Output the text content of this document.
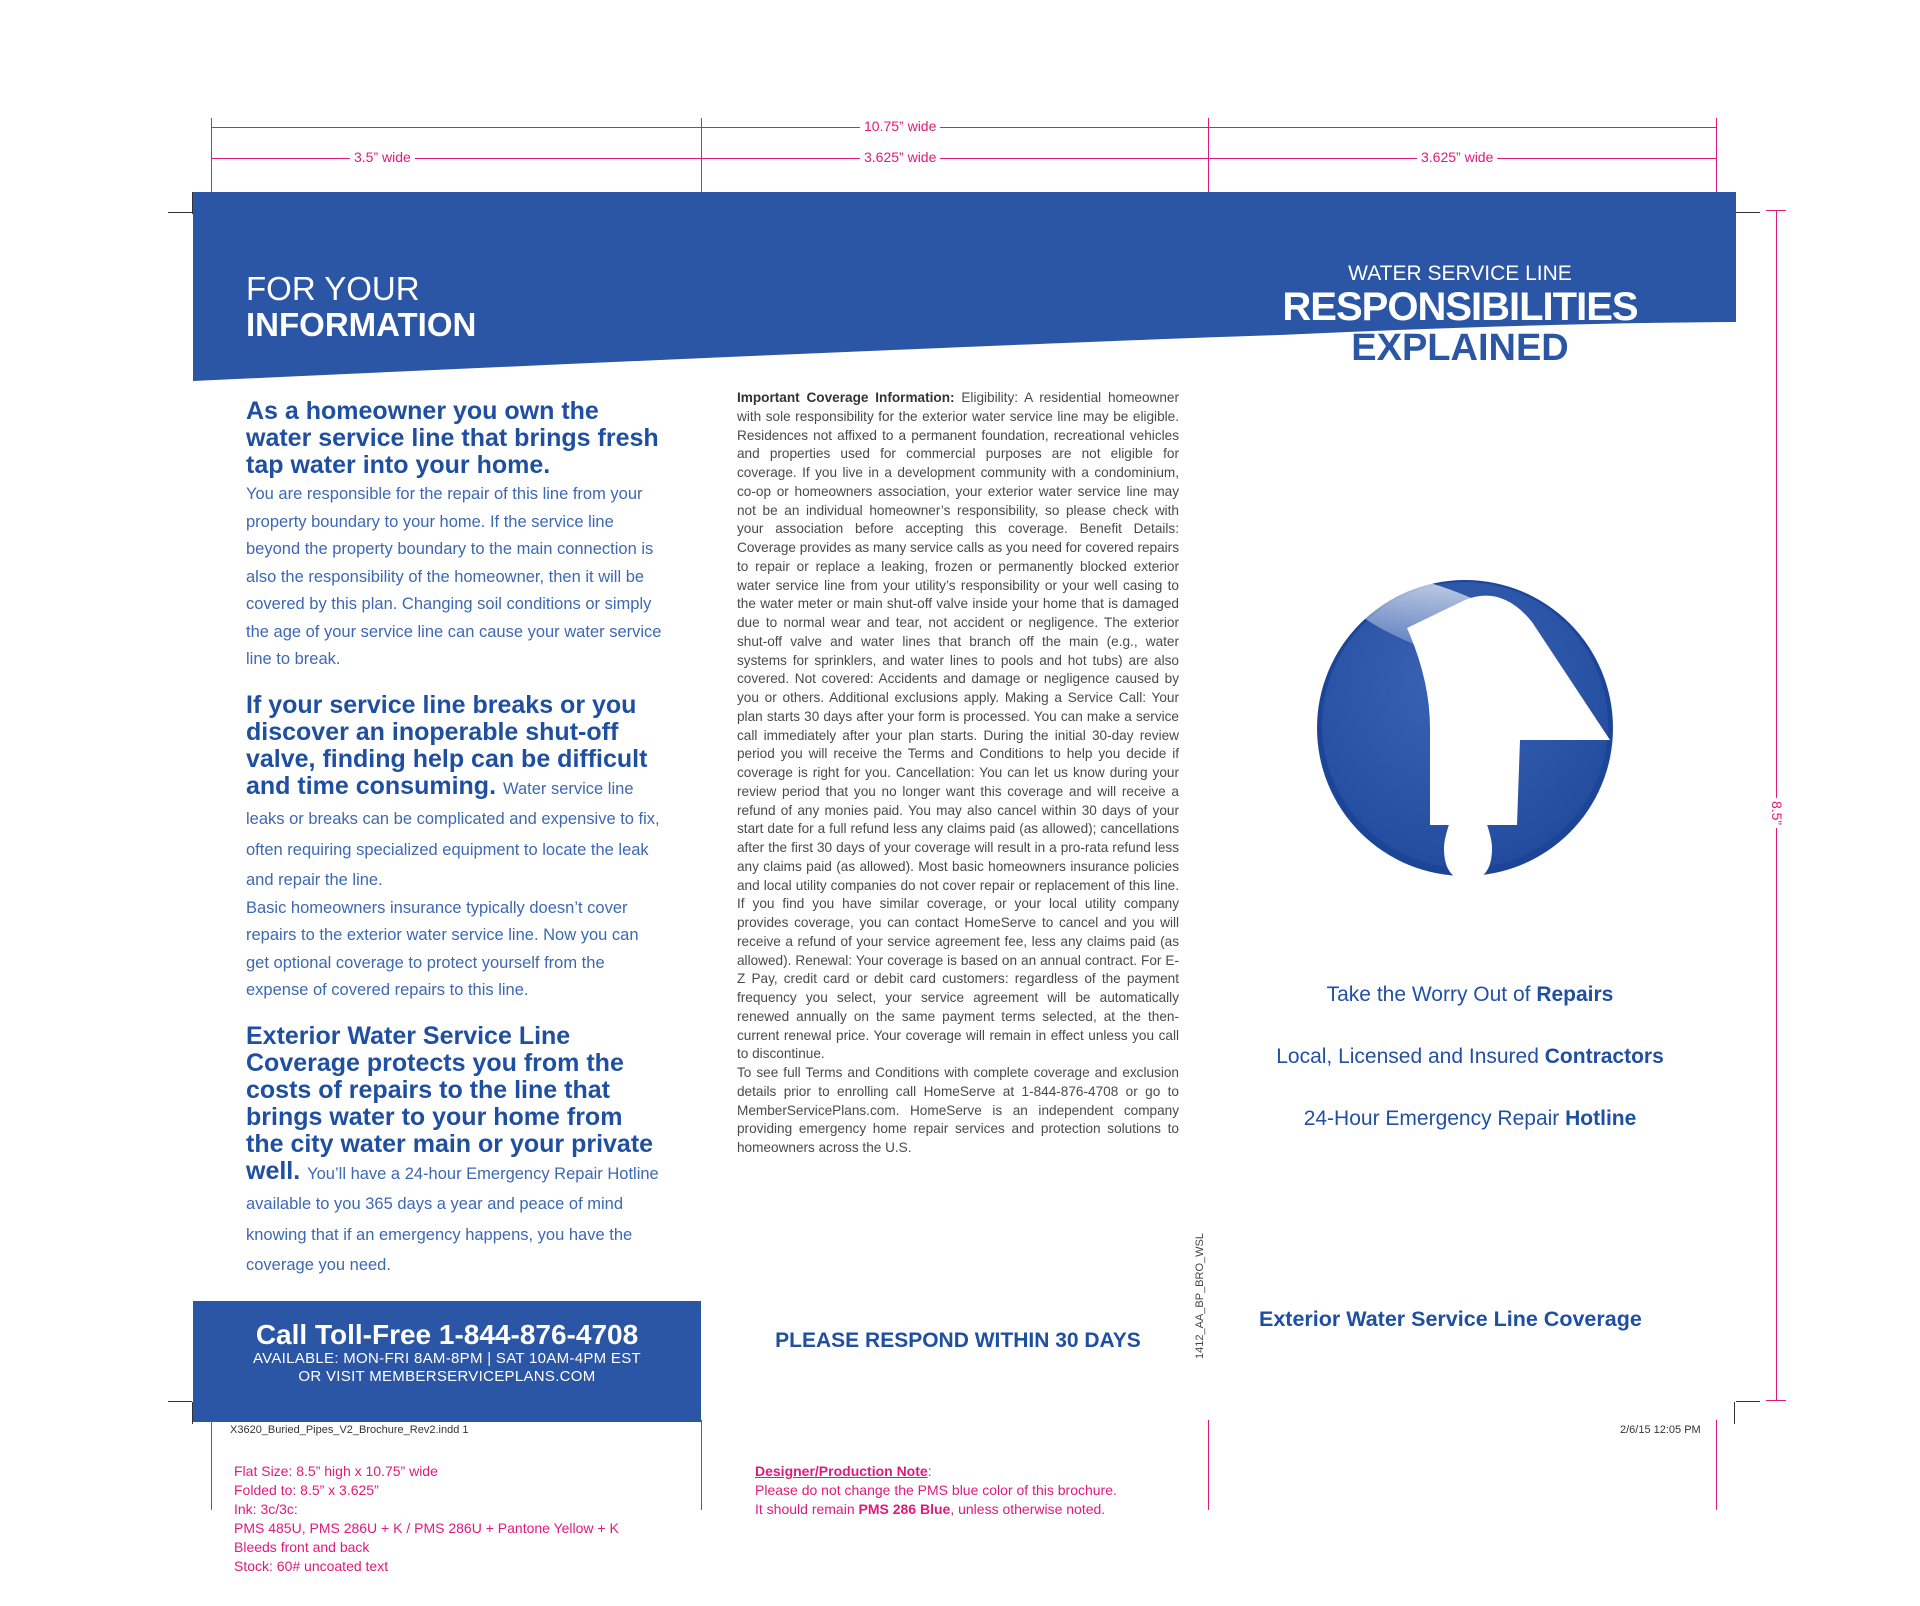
10.75” wide
3.5” wide	3.625” wide	3.625” wide
8.5”
FOR YOUR
INFORMATION
WATER SERVICE LINE
RESPONSIBILITIES
EXPLAINED
As a homeowner you own the water service line that brings fresh tap water into your home.
You are responsible for the repair of this line from your property boundary to your home. If the service line beyond the property boundary to the main connection is also the responsibility of the homeowner, then it will be covered by this plan. Changing soil conditions or simply the age of your service line can cause your water service line to break.
If your service line breaks or you discover an inoperable shut-off valve, finding help can be difficult and time consuming. Water service line leaks or breaks can be complicated and expensive to fix, often requiring specialized equipment to locate the leak and repair the line.
Basic homeowners insurance typically doesn’t cover repairs to the exterior water service line. Now you can get optional coverage to protect yourself from the expense of covered repairs to this line.
Exterior Water Service Line Coverage protects you from the costs of repairs to the line that brings water to your home from the city water main or your private well. You’ll have a 24-hour Emergency Repair Hotline available to you 365 days a year and peace of mind knowing that if an emergency happens, you have the coverage you need.
Call Toll-Free 1-844-876-4708
AVAILABLE: MON-FRI 8AM-8PM | SAT 10AM-4PM EST
OR VISIT MEMBERSERVICEPLANS.COM

Important Coverage Information: Eligibility: A residential homeowner with sole responsibility for the exterior water service line may be eligible. Residences not affixed to a permanent foundation, recreational vehicles and properties used for commercial purposes are not eligible for coverage. If you live in a development community with a condominium, co-op or homeowners association, your exterior water service line may not be an individual homeowner’s responsibility, so please check with your association before accepting this coverage. Benefit Details: Coverage provides as many service calls as you need for covered repairs to repair or replace a leaking, frozen or permanently blocked exterior water service line from your utility’s responsibility or your well casing to the water meter or main shut-off valve inside your home that is damaged due to normal wear and tear, not accident or negligence. The exterior shut-off valve and water lines that branch off the main (e.g., water systems for sprinklers, and water lines to pools and hot tubs) are also covered. Not covered: Accidents and damage or negligence caused by you or others. Additional exclusions apply. Making a Service Call: Your plan starts 30 days after your form is processed. You can make a service call immediately after your plan starts. During the initial 30-day review period you will receive the Terms and Conditions to help you decide if coverage is right for you. Cancellation: You can let us know during your review period that you no longer want this coverage and will receive a refund of any monies paid. You may also cancel within 30 days of your start date for a full refund less any claims paid (as allowed); cancellations after the first 30 days of your coverage will result in a pro-rata refund less any claims paid (as allowed). Most basic homeowners insurance policies and local utility companies do not cover repair or replacement of this line. If you find you have similar coverage, or your local utility company provides coverage, you can contact HomeServe to cancel and you will receive a refund of your service agreement fee, less any claims paid (as allowed). Renewal: Your coverage is based on an annual contract. For E-Z Pay, credit card or debit card customers: regardless of the payment frequency you select, your service agreement will be automatically renewed annually on the same payment terms selected, at the then-current renewal price. Your coverage will remain in effect unless you call to discontinue.

To see full Terms and Conditions with complete coverage and exclusion details prior to enrolling call HomeServe at 1-844-876-4708 or go to MemberServicePlans.com. HomeServe is an independent company providing emergency home repair services and protection solutions to homeowners across the U.S.

PLEASE RESPOND WITHIN 30 DAYS	1412_AA_BP_BRO_WSL
Take the Worry Out of Repairs
Local, Licensed and Insured Contractors
24-Hour Emergency Repair Hotline
Exterior Water Service Line Coverage
X3620_Buried_Pipes_V2_Brochure_Rev2.indd 1	2/6/15 12:05 PM
Flat Size: 8.5” high x 10.75” wide
Folded to: 8.5” x 3.625”
Ink: 3c/3c:
PMS 485U, PMS 286U + K / PMS 286U + Pantone Yellow + K
Bleeds front and back
Stock: 60# uncoated text
Designer/Production Note:
Please do not change the PMS blue color of this brochure.
It should remain PMS 286 Blue, unless otherwise noted.
